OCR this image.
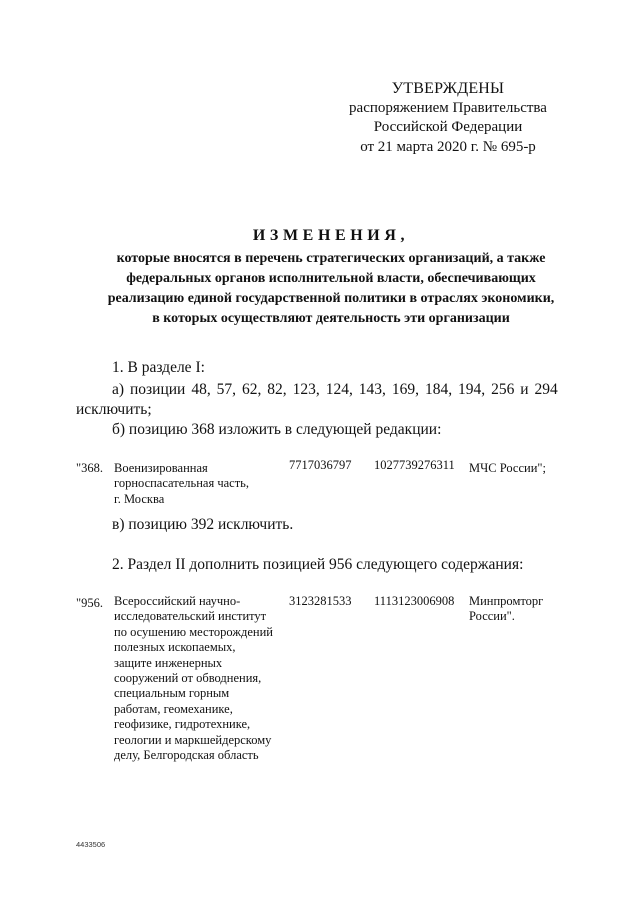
УТВЕРЖДЕНЫ
распоряжением Правительства
Российской Федерации
от 21 марта 2020 г. № 695-р
ИЗМЕНЕНИЯ,
которые вносятся в перечень стратегических организаций, а также
федеральных органов исполнительной власти, обеспечивающих
реализацию единой государственной политики в отраслях экономики,
в которых осуществляют деятельность эти организации
1. В разделе I:
а) позиции 48, 57, 62, 82, 123, 124, 143, 169, 184, 194, 256 и 294
исключить;
б) позицию 368 изложить в следующей редакции:
"368. Военизированная
горноспасательная часть,
г. Москва
7717036797 1027739276311 МЧС России";
в) позицию 392 исключить.
2. Раздел II дополнить позицией 956 следующего содержания:
"956. Всероссийский научно-
исследовательский институт
по осушению месторождений
полезных ископаемых,
защите инженерных
сооружений от обводнения,
специальным горным
работам, геомеханике,
геофизике, гидротехнике,
геологии и маркшейдерскому
делу, Белгородская область
3123281533 1113123006908 Минпромторг
России".
4433506
